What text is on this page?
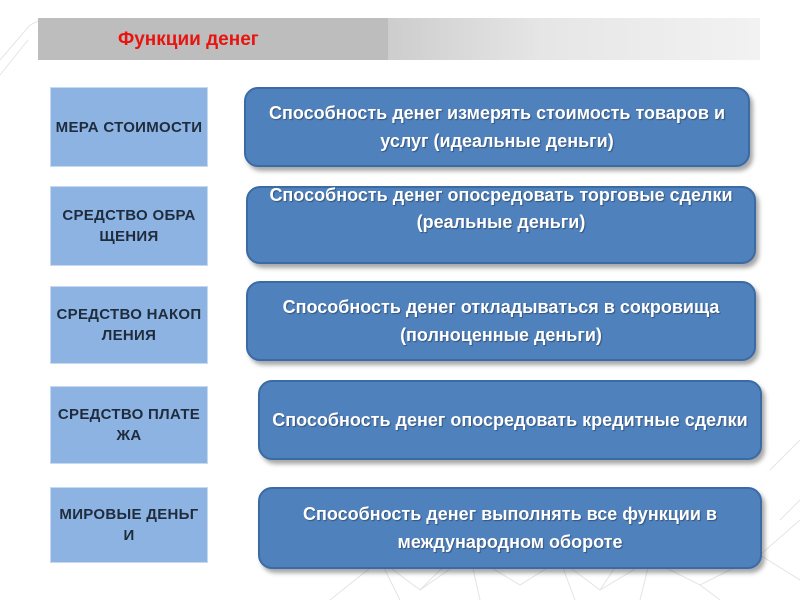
Функции денег
МЕРА СТОИМОСТИ
Способность денег измерять стоимость товаров и услуг (идеальные деньги)
СРЕДСТВО ОБРАЩЕНИЯ
Способность денег опосредовать торговые сделки (реальные деньги)
СРЕДСТВО НАКОПЛЕНИЯ
Способность денег откладываться в сокровища (полноценные деньги)
СРЕДСТВО ПЛАТЕЖА
Способность денег опосредовать кредитные сделки
МИРОВЫЕ ДЕНЬГИ
Способность денег выполнять все функции в международном обороте
